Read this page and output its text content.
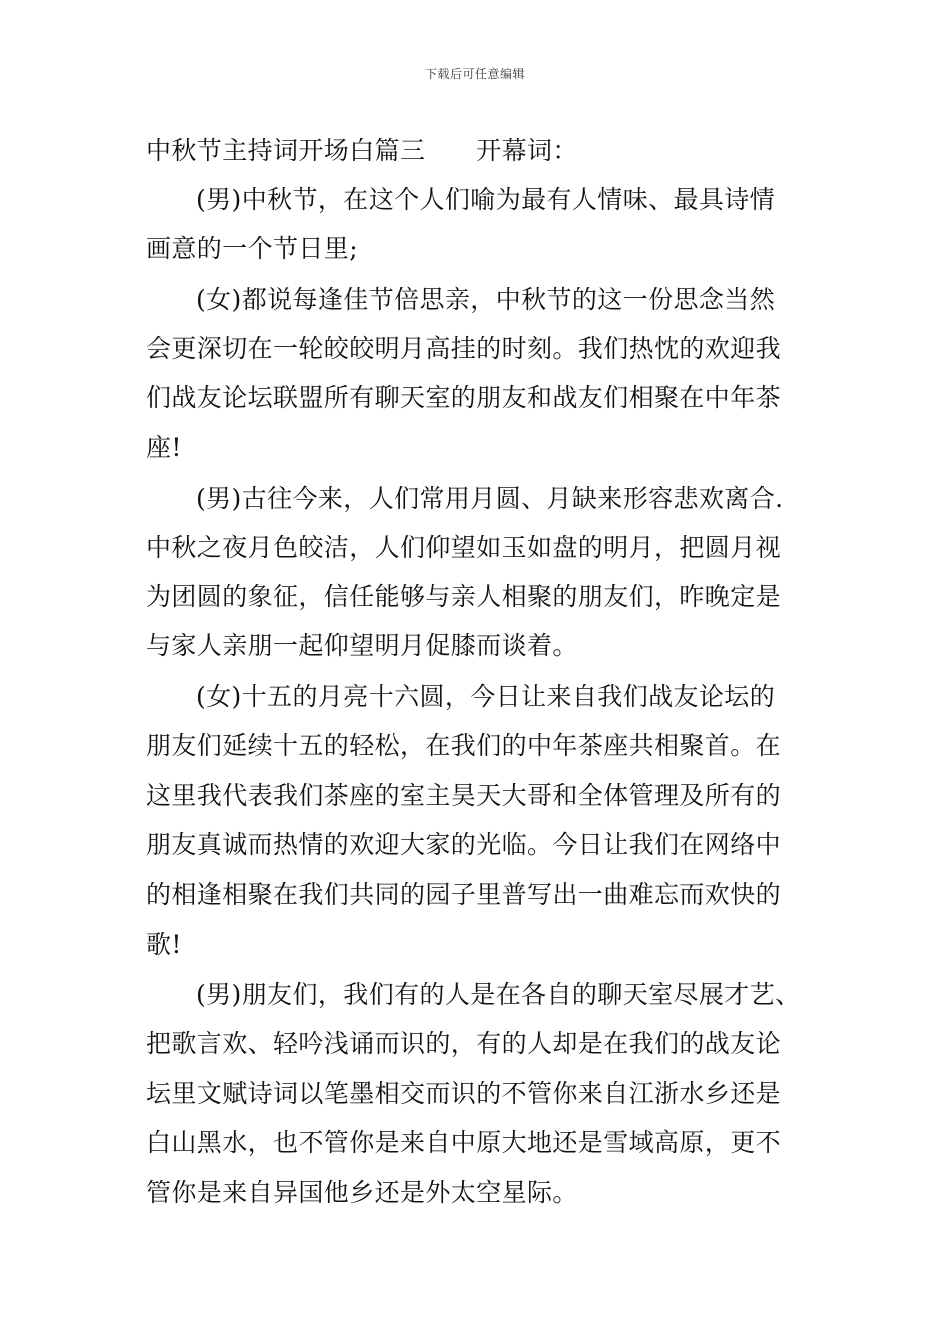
下载后可任意编辑
中秋节主持词开场白篇三　　开幕词：
(男)中秋节，在这个人们喻为最有人情味、最具诗情
画意的一个节日里;
(女)都说每逢佳节倍思亲，中秋节的这一份思念当然
会更深切在一轮皎皎明月高挂的时刻。我们热忱的欢迎我
们战友论坛联盟所有聊天室的朋友和战友们相聚在中年茶
座!
(男)古往今来，人们常用月圆、月缺来形容悲欢离合.
中秋之夜月色皎洁，人们仰望如玉如盘的明月，把圆月视
为团圆的象征，信任能够与亲人相聚的朋友们，昨晚定是
与家人亲朋一起仰望明月促膝而谈着。
(女)十五的月亮十六圆，今日让来自我们战友论坛的
朋友们延续十五的轻松，在我们的中年茶座共相聚首。在
这里我代表我们茶座的室主昊天大哥和全体管理及所有的
朋友真诚而热情的欢迎大家的光临。今日让我们在网络中
的相逢相聚在我们共同的园子里普写出一曲难忘而欢快的
歌!
(男)朋友们，我们有的人是在各自的聊天室尽展才艺、
把歌言欢、轻吟浅诵而识的，有的人却是在我们的战友论
坛里文赋诗词以笔墨相交而识的不管你来自江浙水乡还是
白山黑水，也不管你是来自中原大地还是雪域高原，更不
管你是来自异国他乡还是外太空星际。
